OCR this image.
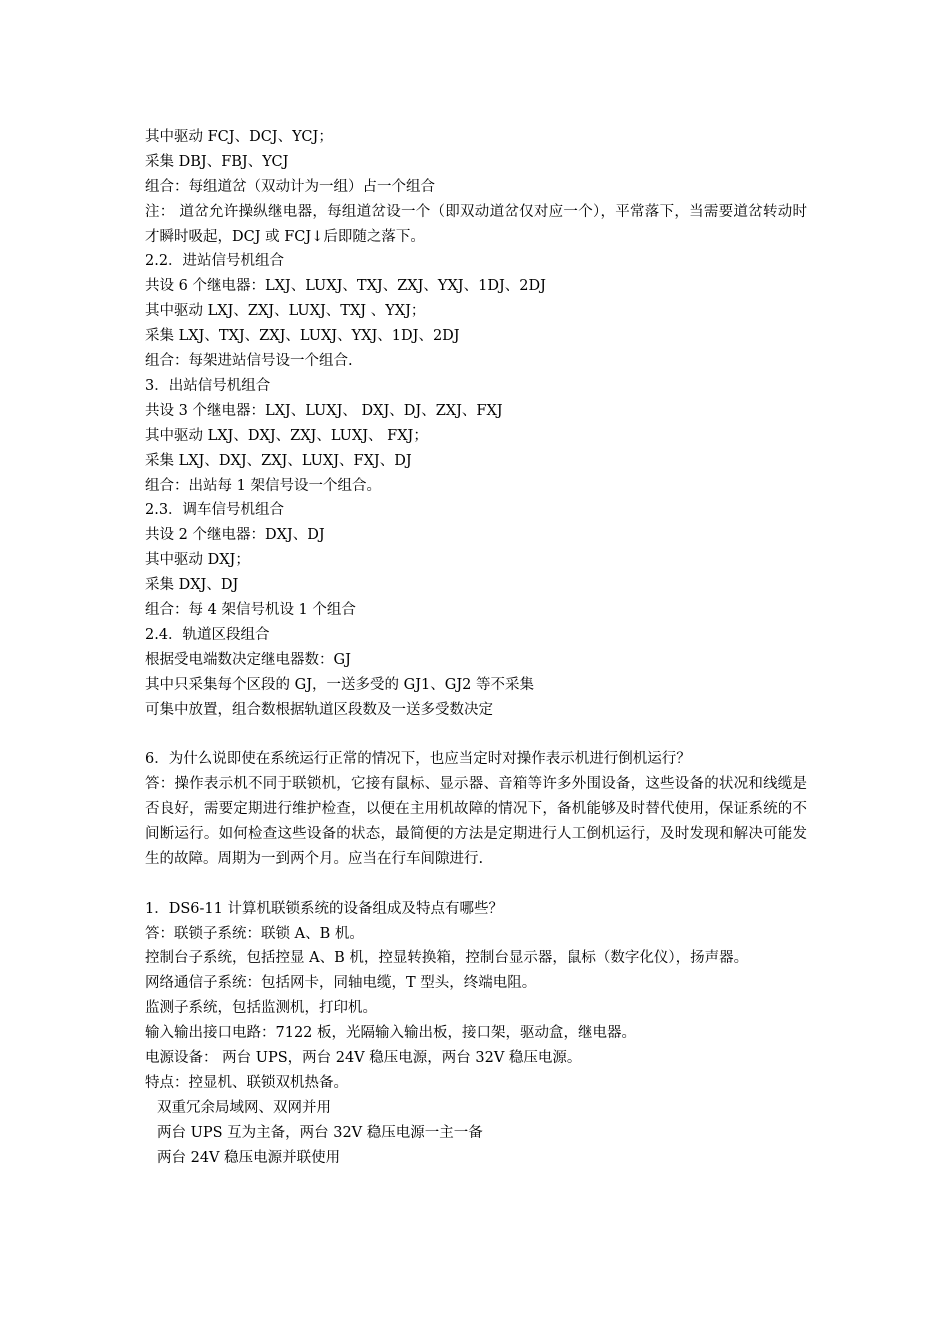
其中驱动 FCJ、DCJ、YCJ；
采集 DBJ、FBJ、YCJ
组合：每组道岔（双动计为一组）占一个组合
注： 道岔允许操纵继电器，每组道岔设一个（即双动道岔仅对应一个），平常落下，当需要道岔转动时才瞬时吸起，DCJ 或 FCJ↓后即随之落下。
2.2．进站信号机组合
共设 6 个继电器：LXJ、LUXJ、TXJ、ZXJ、YXJ、1DJ、2DJ
其中驱动 LXJ、ZXJ、LUXJ、TXJ 、YXJ；
采集 LXJ、TXJ、ZXJ、LUXJ、YXJ、1DJ、2DJ
组合：每架进站信号设一个组合.
3．出站信号机组合
共设 3 个继电器：LXJ、LUXJ、 DXJ、DJ、ZXJ、FXJ
其中驱动 LXJ、DXJ、ZXJ、LUXJ、 FXJ；
采集 LXJ、DXJ、ZXJ、LUXJ、FXJ、DJ
组合：出站每 1 架信号设一个组合。
2.3．调车信号机组合
共设 2 个继电器：DXJ、DJ
其中驱动 DXJ；
采集 DXJ、DJ
组合：每 4 架信号机设 1 个组合
2.4．轨道区段组合
根据受电端数决定继电器数：GJ
其中只采集每个区段的 GJ，一送多受的 GJ1、GJ2 等不采集
可集中放置，组合数根据轨道区段数及一送多受数决定
6．为什么说即使在系统运行正常的情况下，也应当定时对操作表示机进行倒机运行？
答：操作表示机不同于联锁机，它接有鼠标、显示器、音箱等许多外围设备，这些设备的状况和线缆是否良好，需要定期进行维护检查，以便在主用机故障的情况下，备机能够及时替代使用，保证系统的不间断运行。如何检查这些设备的状态，最简便的方法是定期进行人工倒机运行，及时发现和解决可能发生的故障。周期为一到两个月。应当在行车间隙进行.
1．DS6-11 计算机联锁系统的设备组成及特点有哪些？
答：联锁子系统：联锁 A、B 机。
控制台子系统，包括控显 A、B 机，控显转换箱，控制台显示器，鼠标（数字化仪），扬声器。
网络通信子系统：包括网卡，同轴电缆，T 型头，终端电阻。
监测子系统，包括监测机，打印机。
输入输出接口电路：7122 板，光隔输入输出板，接口架，驱动盒，继电器。
电源设备： 两台 UPS，两台 24V 稳压电源，两台 32V 稳压电源。
特点：控显机、联锁双机热备。
双重冗余局域网、双网并用
两台 UPS 互为主备，两台 32V 稳压电源一主一备
两台 24V 稳压电源并联使用
